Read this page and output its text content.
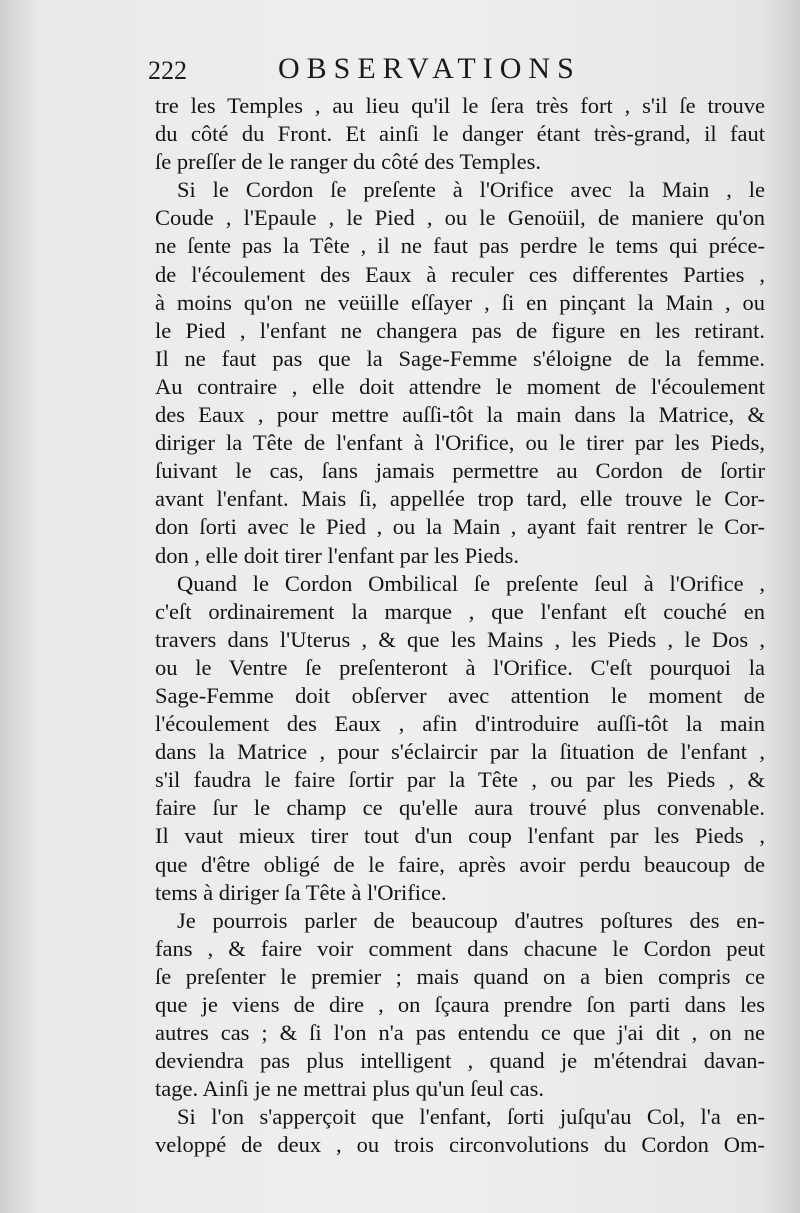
222	OBSERVATIONS
tre les Temples , au lieu qu'il le ſera très fort , s'il ſe trouve
du côté du Front. Et ainſi le danger étant très-grand, il faut
ſe preſſer de le ranger du côté des Temples.
Si le Cordon ſe preſente à l'Orifice avec la Main , le
Coude , l'Epaule , le Pied , ou le Genoüil, de maniere qu'on
ne ſente pas la Tête , il ne faut pas perdre le tems qui préce-
de l'écoulement des Eaux à reculer ces differentes Parties ,
à moins qu'on ne veüille eſſayer , ſi en pinçant la Main , ou
le Pied , l'enfant ne changera pas de figure en les retirant.
Il ne faut pas que la Sage-Femme s'éloigne de la femme.
Au contraire , elle doit attendre le moment de l'écoulement
des Eaux , pour mettre auſſi-tôt la main dans la Matrice, &
diriger la Tête de l'enfant à l'Orifice, ou le tirer par les Pieds,
ſuivant le cas, ſans jamais permettre au Cordon de ſortir
avant l'enfant. Mais ſi, appellée trop tard, elle trouve le Cor-
don ſorti avec le Pied , ou la Main , ayant fait rentrer le Cor-
don , elle doit tirer l'enfant par les Pieds.
Quand le Cordon Ombilical ſe preſente ſeul à l'Orifice ,
c'eſt ordinairement la marque , que l'enfant eſt couché en
travers dans l'Uterus , & que les Mains , les Pieds , le Dos ,
ou le Ventre ſe preſenteront à l'Orifice. C'eſt pourquoi la
Sage-Femme doit obſerver avec attention le moment de
l'écoulement des Eaux , afin d'introduire auſſi-tôt la main
dans la Matrice , pour s'éclaircir par la ſituation de l'enfant ,
s'il faudra le faire ſortir par la Tête , ou par les Pieds , &
faire ſur le champ ce qu'elle aura trouvé plus convenable.
Il vaut mieux tirer tout d'un coup l'enfant par les Pieds ,
que d'être obligé de le faire, après avoir perdu beaucoup de
tems à diriger ſa Tête à l'Orifice.
Je pourrois parler de beaucoup d'autres poſtures des en-
fans , & faire voir comment dans chacune le Cordon peut
ſe preſenter le premier ; mais quand on a bien compris ce
que je viens de dire , on ſçaura prendre ſon parti dans les
autres cas ; & ſi l'on n'a pas entendu ce que j'ai dit , on ne
deviendra pas plus intelligent , quand je m'étendrai davan-
tage. Ainſi je ne mettrai plus qu'un ſeul cas.
Si l'on s'apperçoit que l'enfant, ſorti juſqu'au Col, l'a en-
veloppé de deux , ou trois circonvolutions du Cordon Om-
